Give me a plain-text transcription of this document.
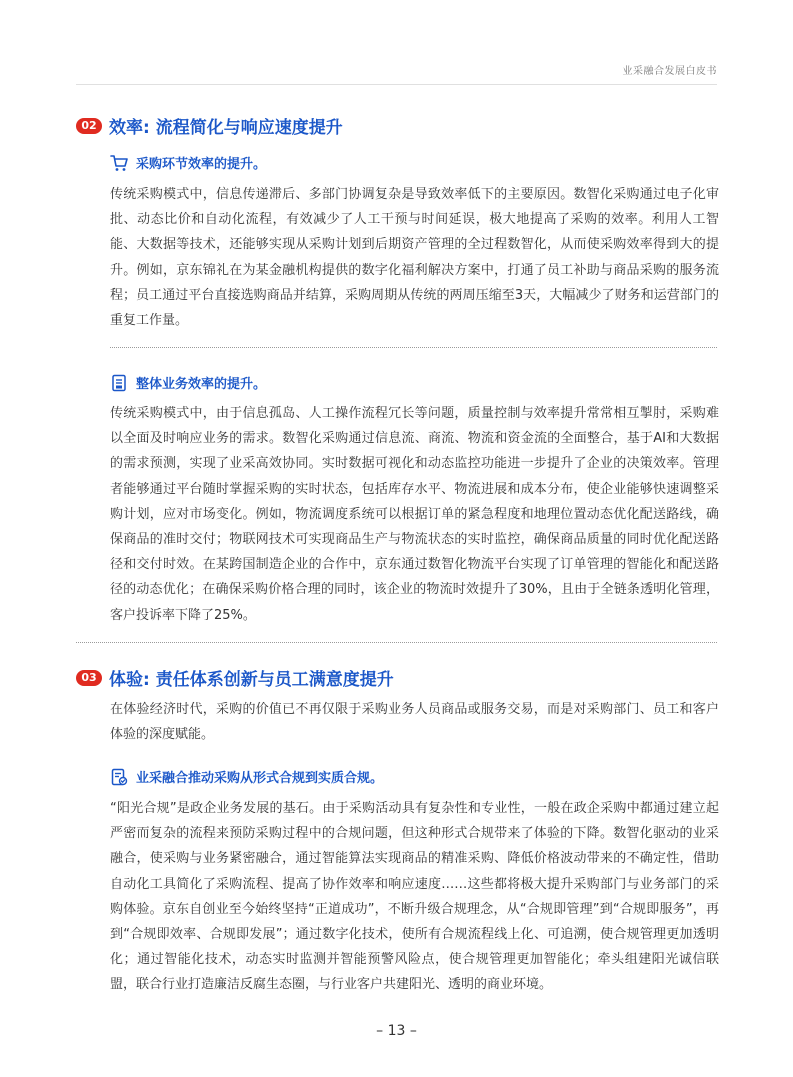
业采融合发展白皮书
02 效率: 流程简化与响应速度提升
采购环节效率的提升。

传统采购模式中，信息传递滞后、多部门协调复杂是导致效率低下的主要原因。数智化采购通过电子化审批、动态比价和自动化流程，有效减少了人工干预与时间延误，极大地提高了采购的效率。利用人工智能、大数据等技术，还能够实现从采购计划到后期资产管理的全过程数智化，从而使采购效率得到大的提升。例如，京东锦礼在为某金融机构提供的数字化福利解决方案中，打通了员工补助与商品采购的服务流程；员工通过平台直接选购商品并结算，采购周期从传统的两周压缩至3天，大幅减少了财务和运营部门的重复工作量。

整体业务效率的提升。

传统采购模式中，由于信息孤岛、人工操作流程冗长等问题，质量控制与效率提升常常相互掣肘，采购难以全面及时响应业务的需求。数智化采购通过信息流、商流、物流和资金流的全面整合，基于AI和大数据的需求预测，实现了业采高效协同。实时数据可视化和动态监控功能进一步提升了企业的决策效率。管理者能够通过平台随时掌握采购的实时状态，包括库存水平、物流进展和成本分布，使企业能够快速调整采购计划，应对市场变化。例如，物流调度系统可以根据订单的紧急程度和地理位置动态优化配送路线，确保商品的准时交付；物联网技术可实现商品生产与物流状态的实时监控，确保商品质量的同时优化配送路径和交付时效。在某跨国制造企业的合作中，京东通过数智化物流平台实现了订单管理的智能化和配送路径的动态优化；在确保采购价格合理的同时，该企业的物流时效提升了30%，且由于全链条透明化管理，客户投诉率下降了25%。

03 体验: 责任体系创新与员工满意度提升

在体验经济时代，采购的价值已不再仅限于采购业务人员商品或服务交易，而是对采购部门、员工和客户体验的深度赋能。

业采融合推动采购从形式合规到实质合规。

“阳光合规”是政企业务发展的基石。由于采购活动具有复杂性和专业性，一般在政企采购中都通过建立起严密而复杂的流程来预防采购过程中的合规问题，但这种形式合规带来了体验的下降。数智化驱动的业采融合，使采购与业务紧密融合，通过智能算法实现商品的精准采购、降低价格波动带来的不确定性，借助自动化工具简化了采购流程、提高了协作效率和响应速度……这些都将极大提升采购部门与业务部门的采购体验。京东自创业至今始终坚持“正道成功”，不断升级合规理念，从“合规即管理”到“合规即服务”，再到“合规即效率、合规即发展”；通过数字化技术，使所有合规流程线上化、可追溯，使合规管理更加透明化；通过智能化技术，动态实时监测并智能预警风险点，使合规管理更加智能化；牵头组建阳光诚信联盟，联合行业打造廉洁反腐生态圈，与行业客户共建阳光、透明的商业环境。

– 13 –
